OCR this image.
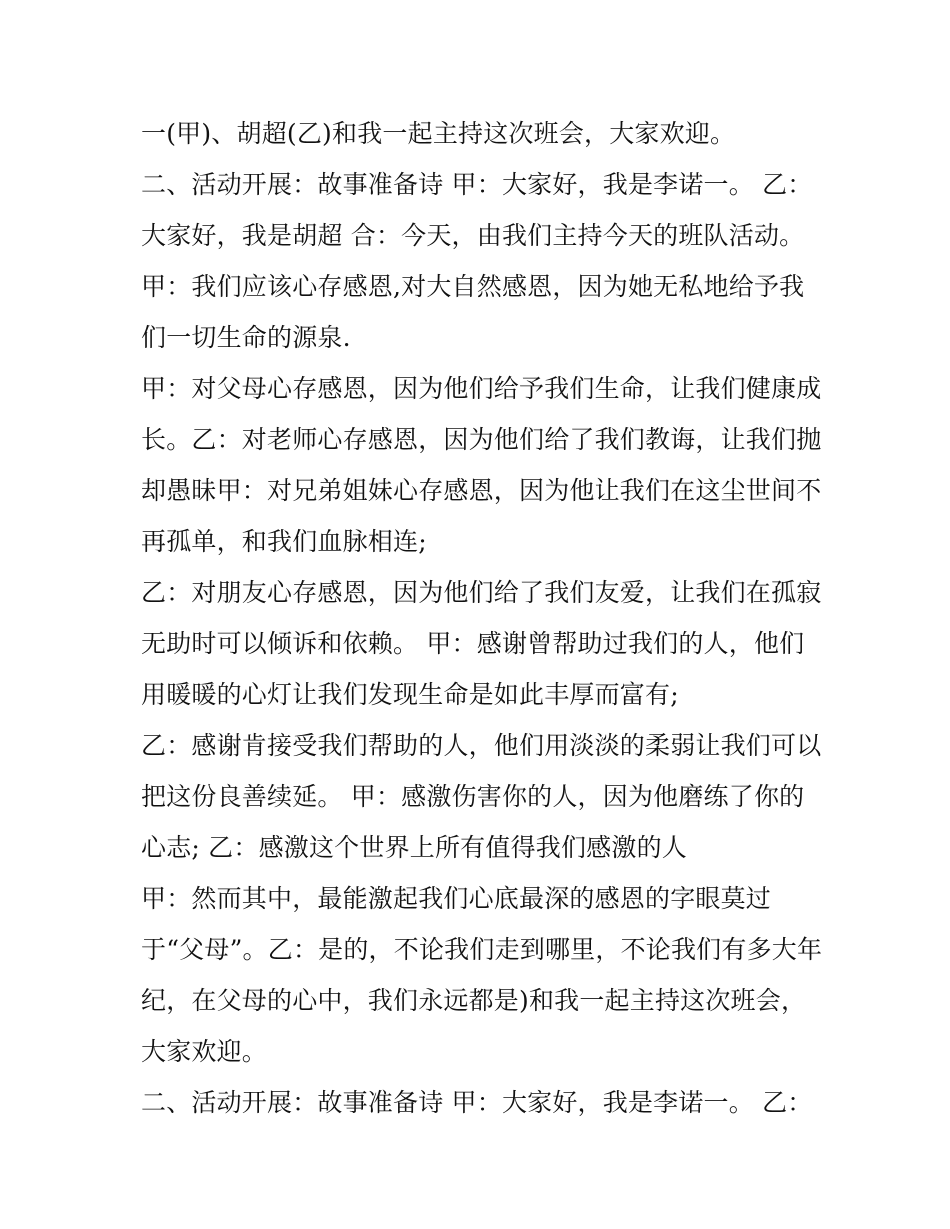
一(甲)、胡超(乙)和我一起主持这次班会，大家欢迎。
二、活动开展：故事准备诗 甲：大家好，我是李诺一。 乙：
大家好，我是胡超 合：今天，由我们主持今天的班队活动。
甲：我们应该心存感恩,对大自然感恩，因为她无私地给予我
们一切生命的源泉.
甲：对父母心存感恩，因为他们给予我们生命，让我们健康成
长。乙：对老师心存感恩，因为他们给了我们教诲，让我们抛
却愚昧甲：对兄弟姐妹心存感恩，因为他让我们在这尘世间不
再孤单，和我们血脉相连;
乙：对朋友心存感恩，因为他们给了我们友爱，让我们在孤寂
无助时可以倾诉和依赖。 甲：感谢曾帮助过我们的人，他们
用暖暖的心灯让我们发现生命是如此丰厚而富有;
乙：感谢肯接受我们帮助的人，他们用淡淡的柔弱让我们可以
把这份良善续延。 甲：感激伤害你的人，因为他磨练了你的
心志; 乙：感激这个世界上所有值得我们感激的人
甲：然而其中，最能激起我们心底最深的感恩的字眼莫过
于“父母”。乙：是的，不论我们走到哪里，不论我们有多大年
纪，在父母的心中，我们永远都是)和我一起主持这次班会，
大家欢迎。
二、活动开展：故事准备诗 甲：大家好，我是李诺一。 乙：
